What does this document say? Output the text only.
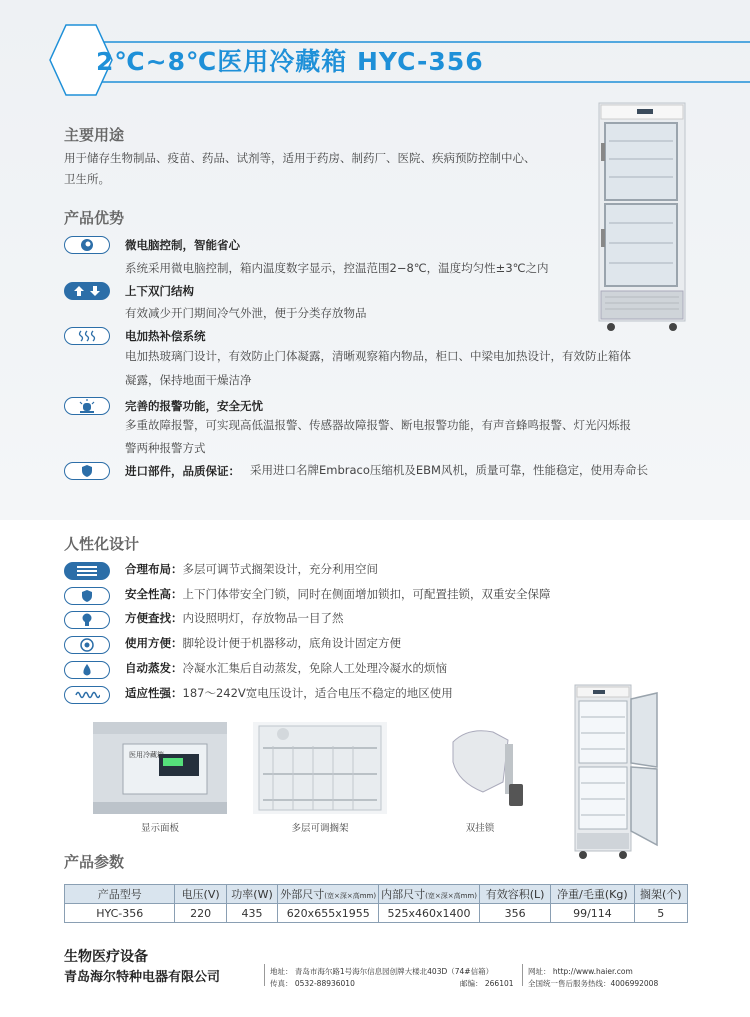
2℃~8℃医用冷藏箱 HYC-356
主要用途
用于储存生物制品、疫苗、药品、试剂等，适用于药房、制药厂、医院、疾病预防控制中心、
卫生所。
产品优势
微电脑控制，智能省心
系统采用微电脑控制，箱内温度数字显示，控温范围2−8℃，温度均匀性±3℃之内
上下双门结构
有效减少开门期间冷气外泄，便于分类存放物品
电加热补偿系统
电加热玻璃门设计，有效防止门体凝露，清晰观察箱内物品，柜口、中梁电加热设计，有效防止箱体
凝露，保持地面干燥洁净
完善的报警功能，安全无忧
多重故障报警，可实现高低温报警、传感器故障报警、断电报警功能，有声音蜂鸣报警、灯光闪烁报
警两种报警方式
进口部件，品质保证： 采用进口名牌Embraco压缩机及EBM风机，质量可靠，性能稳定，使用寿命长
人性化设计
合理布局：多层可调节式搁架设计，充分利用空间
安全性高：上下门体带安全门锁，同时在侧面增加锁扣，可配置挂锁，双重安全保障
方便查找：内设照明灯，存放物品一目了然
使用方便：脚轮设计便于机器移动，底角设计固定方便
自动蒸发：冷凝水汇集后自动蒸发，免除人工处理冷凝水的烦恼
适应性强：187～242V宽电压设计，适合电压不稳定的地区使用
医用冷藏箱
显示面板	多层可调搁架	双挂锁
产品参数
产品型号	电压(V)	功率(W)	外部尺寸(宽×深×高mm)	内部尺寸(宽×深×高mm)	有效容积(L)	净重/毛重(Kg)	搁架(个)
HYC-356	220	435	620x655x1955	525x460x1400	356	99/114	5
生物医疗设备
青岛海尔特种电器有限公司	地址： 青岛市海尔路1号海尔信息园创牌大楼北403D（74#信箱）
传真： 0532-88936010	邮编： 266101
网址： http://www.haier.com
全国统一售后服务热线：4006992008
